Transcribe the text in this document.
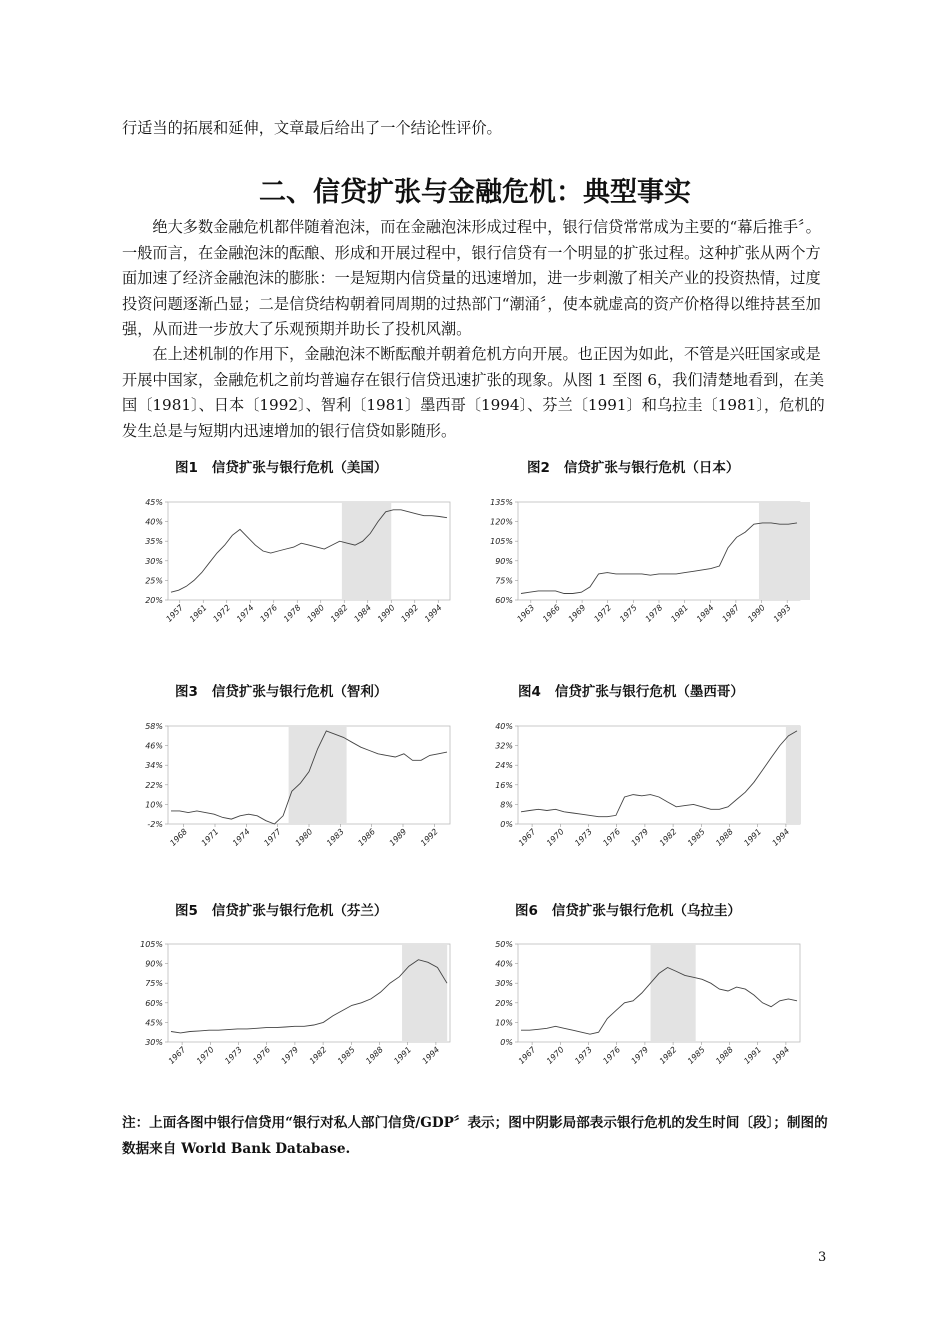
行适当的拓展和延伸，文章最后给出了一个结论性评价。

二、信贷扩张与金融危机：典型事实

绝大多数金融危机都伴随着泡沫，而在金融泡沫形成过程中，银行信贷常常成为主要的“幕后推手〞。一般而言，在金融泡沫的酝酿、形成和开展过程中，银行信贷有一个明显的扩张过程。这种扩张从两个方面加速了经济金融泡沫的膨胀：一是短期内信贷量的迅速增加，进一步刺激了相关产业的投资热情，过度投资问题逐渐凸显；二是信贷结构朝着同周期的过热部门“潮涌〞，使本就虚高的资产价格得以维持甚至加强，从而进一步放大了乐观预期并助长了投机风潮。

在上述机制的作用下，金融泡沫不断酝酿并朝着危机方向开展。也正因为如此，不管是兴旺国家或是开展中国家，金融危机之前均普遍存在银行信贷迅速扩张的现象。从图 1 至图 6，我们清楚地看到，在美国〔1981〕、日本〔1992〕、智利〔1981〕墨西哥〔1994〕、芬兰〔1991〕和乌拉圭〔1981〕，危机的发生总是与短期内迅速增加的银行信贷如影随形。

图1 信贷扩张与银行危机（美国）
45%
40%
35%
30%
25%
20%
1957 1961 1972 1974 1976 1978 1980 1982 1984 1990 1992 1994
图2 信贷扩张与银行危机（日本）
135%
120%
105%
90%
75%
60%
1963 1966 1969 1972 1975 1978 1981 1984 1987 1990 1993
图3 信贷扩张与银行危机（智利）
58%
46%
34%
22%
10%
-2%
1968 1971 1974 1977 1980 1983 1986 1989 1992
图4 信贷扩张与银行危机（墨西哥）
40%
32%
24%
16%
8%
0%
1967 1970 1973 1976 1979 1982 1985 1988 1991 1994
图5 信贷扩张与银行危机（芬兰）
105%
90%
75%
60%
45%
30%
1967 1970 1973 1976 1979 1982 1985 1988 1991 1994
图6 信贷扩张与银行危机（乌拉圭）
50%
40%
30%
20%
10%
0%
1967 1970 1973 1976 1979 1982 1985 1988 1991 1994

注：上面各图中银行信贷用“银行对私人部门信贷/GDP〞表示；图中阴影局部表示银行危机的发生时间〔段〕；制图的数据来自 World Bank Database.

3
